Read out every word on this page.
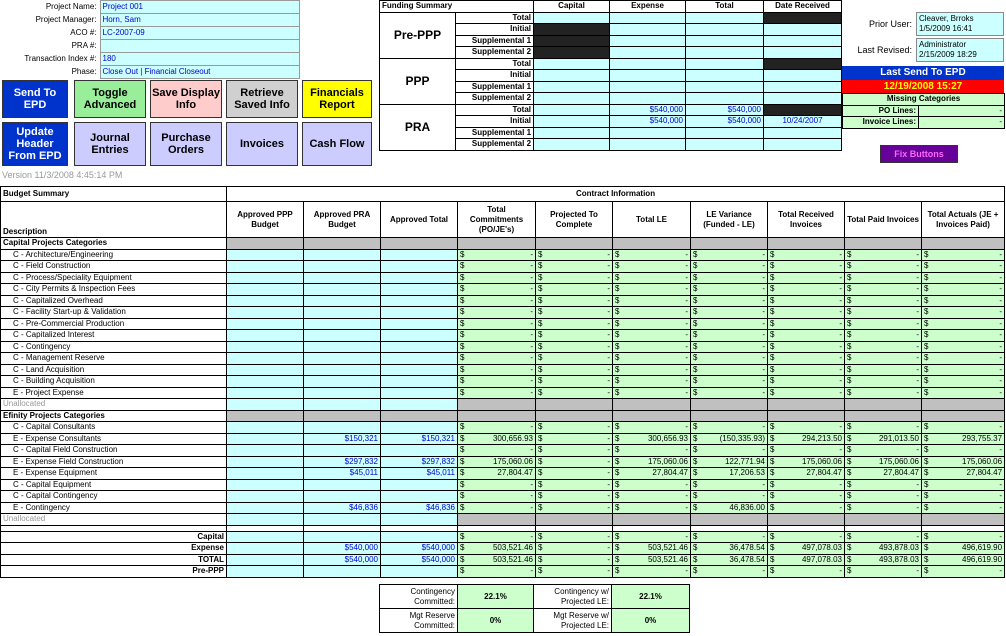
Project Name:	Project 001
Project Manager:	Horn, Sam
ACO #:	LC-2007-09
PRA #:	
Transaction Index #:	180
Phase:	Close Out | Financial Closeout
Send To EPD
Toggle Advanced
Save Display Info
Retrieve Saved Info
Financials Report
Update Header From EPD
Journal Entries
Purchase Orders	Invoices	Cash Flow
Version 11/3/2008 4:45:14 PM
Funding Summary		Capital	Expense	Total	Date Received
Pre-PPP	Total				
	Initial				
	Supplemental 1				
	Supplemental 2				
PPP	Total				
	Initial				
	Supplemental 1				
	Supplemental 2				
PRA	Total		$540,000	$540,000	
	Initial		$540,000	$540,000	10/24/2007
	Supplemental 1				
	Supplemental 2				
Prior User:
Cleaver, Brroks
1/5/2009 16:41
Last Revised:
Administrator
2/15/2009 18:29
Last Send To EPD
12/19/2008 15:27
Missing Categories	
PO Lines:	-
Invoice Lines:	-
Fix Buttons
Budget Summary	Contract Information									
Description	Approved PPP Budget	Approved PRA Budget	Approved Total	Total Commitments (PO/JE's)	Projected To Complete	Total LE	LE Variance (Funded - LE)	Total Received Invoices	Total Paid Invoices	Total Actuals (JE + Invoices Paid)
Capital Projects Categories										
C - Architecture/Engineering				$ -	$ -	$ -	$ -	$ -	$ -	$ -

C - Field Construction				$ -	$ -	$ -	$ -	$ -	$ -	$ -

C - Process/Speciality Equipment				$ -	$ -	$ -	$ -	$ -	$ -	$ -

C - City Permits & Inspection Fees				$ -	$ -	$ -	$ -	$ -	$ -	$ -

C - Capitalized Overhead				$ -	$ -	$ -	$ -	$ -	$ -	$ -

C - Facility Start-up & Validation				$ -	$ -	$ -	$ -	$ -	$ -	$ -

C - Pre-Commercial Production				$ -	$ -	$ -	$ -	$ -	$ -	$ -

C - Capitalized Interest				$ -	$ -	$ -	$ -	$ -	$ -	$ -

C - Contingency				$ -	$ -	$ -	$ -	$ -	$ -	$ -

C - Management Reserve				$ -	$ -	$ -	$ -	$ -	$ -	$ -

C - Land Acquisition				$ -	$ -	$ -	$ -	$ -	$ -	$ -

C - Building Acquisition				$ -	$ -	$ -	$ -	$ -	$ -	$ -

E - Project Expense				$ -	$ -	$ -	$ -	$ -	$ -	$ -

Unallocated										
Efinity Projects Categories										
C - Capital Consultants				$ -	$ -	$ -	$ -	$ -	$ -	$ -

E - Expense Consultants		$150,321	$150,321	$ 300,656.93	$ -	$ 300,656.93	$ (150,335.93)	$ 294,213.50	$ 291,013.50	$ 293,755.37

C - Capital Field Construction				$ -	$ -	$ -	$ -	$ -	$ -	$ -

E - Expense Field Construction		$297,832	$297,832	$ 175,060.06	$ -	$ 175,060.06	$ 122,771.94	$ 175,060.06	$ 175,060.06	$ 175,060.06

E - Expense Equipment		$45,011	$45,011	$ 27,804.47	$ -	$ 27,804.47	$ 17,206.53	$ 27,804.47	$ 27,804.47	$ 27,804.47

C - Capital Equipment				$ -	$ -	$ -	$ -	$ -	$ -	$ -

C - Capital Contingency				$ -	$ -	$ -	$ -	$ -	$ -	$ -

E - Contingency		$46,836	$46,836	$ -	$ -	$ -	$ 46,836.00	$ -	$ -	$ -

Unallocated										

Capital				$ -	$ -	$ -	$ -	$ -	$ -	$ -

Expense		$540,000	$540,000	$ 503,521.46	$ -	$ 503,521.46	$ 36,478.54	$ 497,078.03	$ 493,878.03	$ 496,619.90

TOTAL		$540,000	$540,000	$ 503,521.46	$ -	$ 503,521.46	$ 36,478.54	$ 497,078.03	$ 493,878.03	$ 496,619.90

Pre-PPP				$ -	$ -	$ -	$ -	$ -	$ -	$ -
Contingency Committed:	22.1%	Contingency w/ Projected LE:	22.1%
Mgt Reserve Committed:	0%	Mgt Reserve w/ Projected LE:	0%
